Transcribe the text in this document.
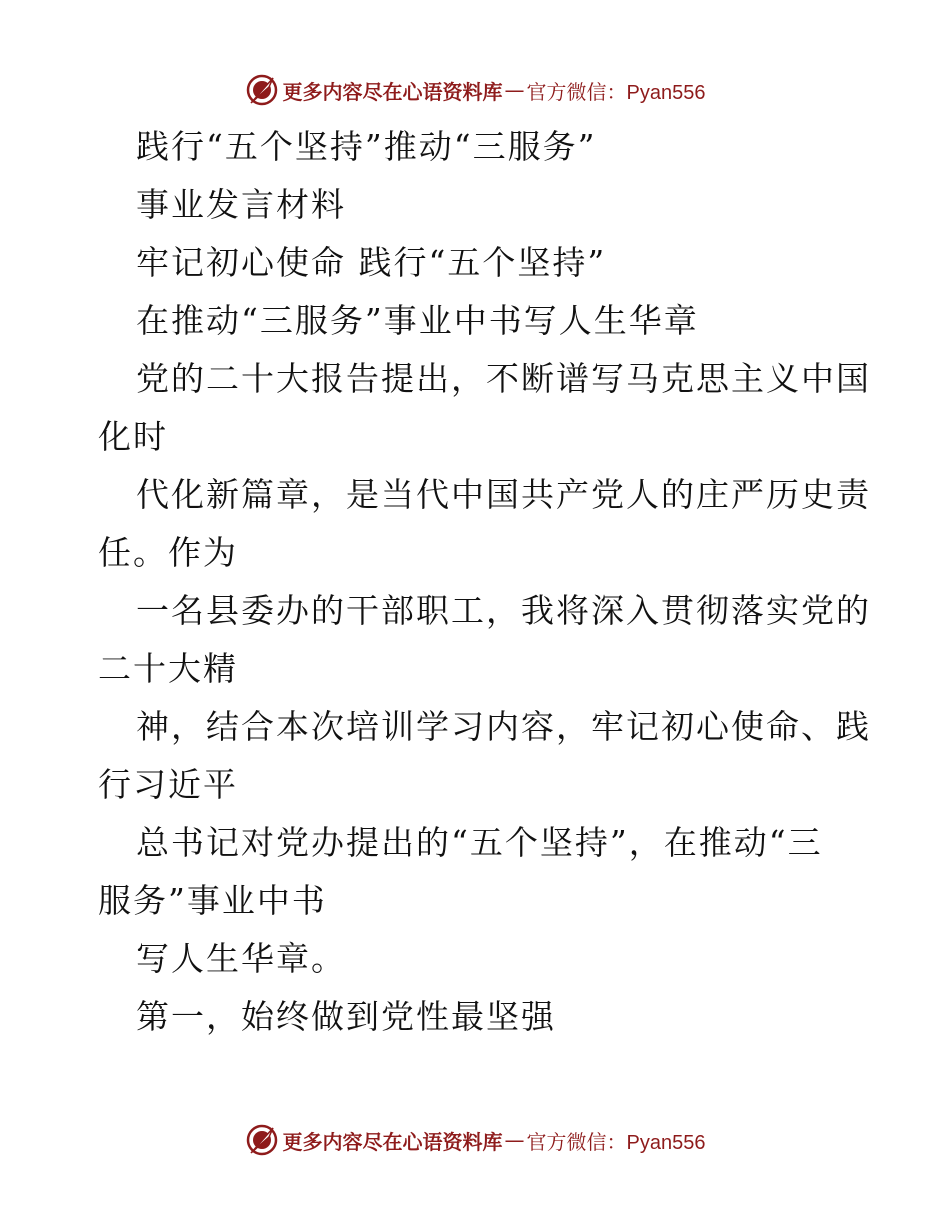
更多内容尽在心语资料库 — 官方微信：Pyan556
践行“五个坚持”推动“三服务”
事业发言材料
牢记初心使命 践行“五个坚持”
在推动“三服务”事业中书写人生华章
党的二十大报告提出，不断谱写马克思主义中国
化时
代化新篇章，是当代中国共产党人的庄严历史责
任。作为
一名县委办的干部职工，我将深入贯彻落实党的
二十大精
神，结合本次培训学习内容，牢记初心使命、践
行习近平
总书记对党办提出的“五个坚持”，在推动“三
服务”事业中书
写人生华章。
第一，始终做到党性最坚强
更多内容尽在心语资料库 — 官方微信：Pyan556
